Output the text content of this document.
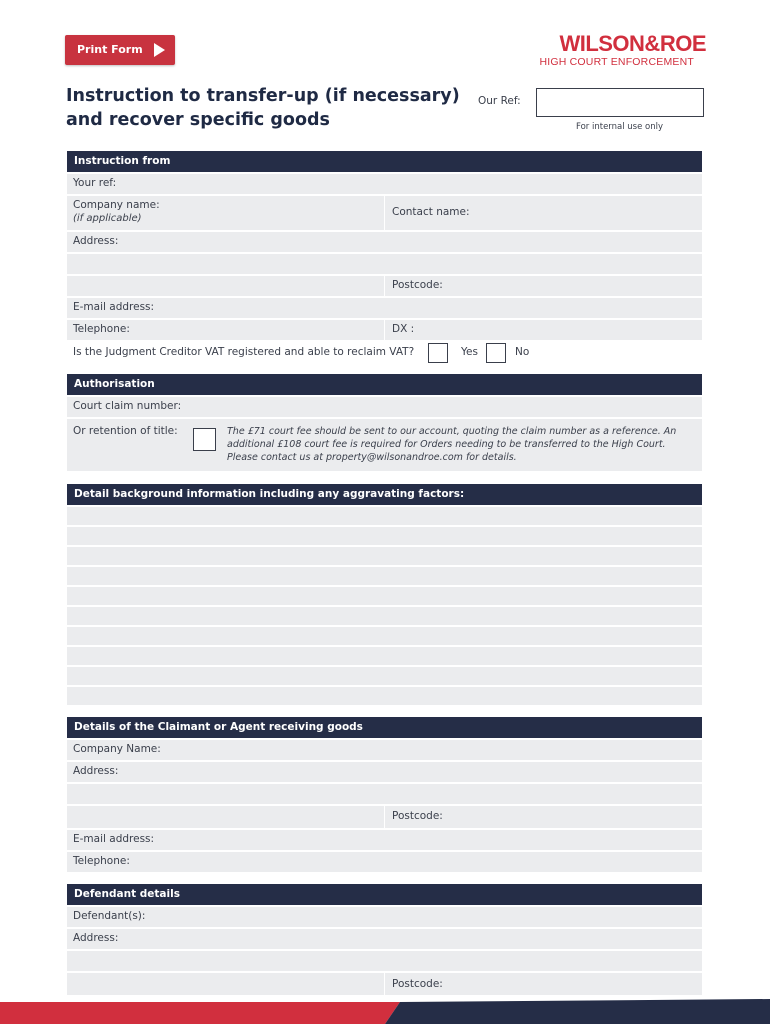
Print Form	WILSON&ROE
HIGH COURT ENFORCEMENT
Instruction to transfer-up (if necessary) and recover specific goods
Our Ref:
For internal use only
Instruction from
Your ref:
Company name:
(if applicable)
Contact name:
Address:
Postcode:
E-mail address:
Telephone:	DX :
Is the Judgment Creditor VAT registered and able to reclaim VAT?	Yes	No
Authorisation
Court claim number:
Or retention of title:	The £71 court fee should be sent to our account, quoting the claim number as a reference. An additional £108 court fee is required for Orders needing to be transferred to the High Court. Please contact us at property@wilsonandroe.com for details.
Detail background information including any aggravating factors:
Details of the Claimant or Agent receiving goods
Company Name:
Address:
Postcode:
E-mail address:
Telephone:
Defendant details
Defendant(s):
Address:
Postcode:
